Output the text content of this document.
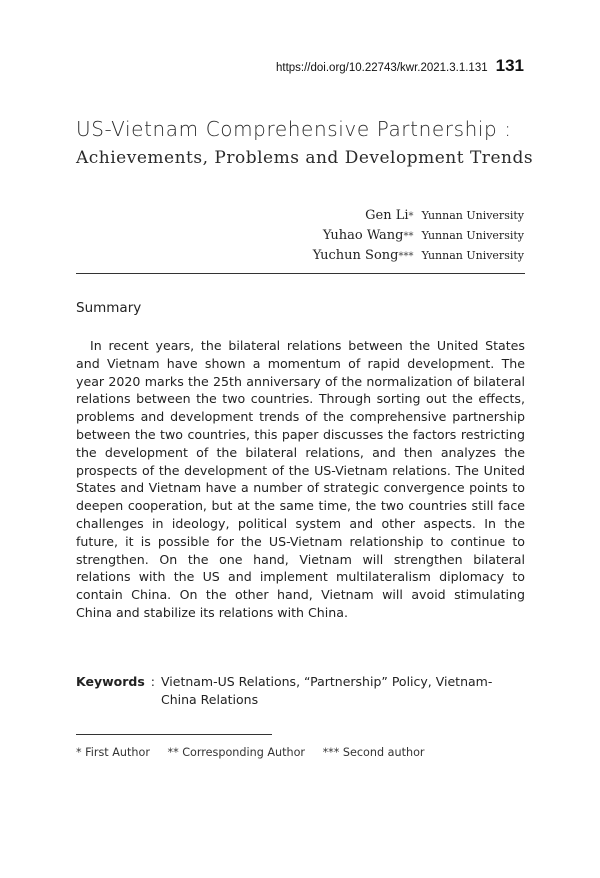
https://doi.org/10.22743/kwr.2021.3.1.131 131
US-Vietnam Comprehensive Partnership :
Achievements, Problems and Development Trends
Gen Li* Yunnan University
Yuhao Wang** Yunnan University
Yuchun Song*** Yunnan University
Summary

In recent years, the bilateral relations between the United States and Vietnam have shown a momentum of rapid development. The year 2020 marks the 25th anniversary of the normalization of bilateral relations between the two countries. Through sorting out the effects, problems and development trends of the comprehensive partnership between the two countries, this paper discusses the factors restricting the development of the bilateral relations, and then analyzes the prospects of the development of the US-Vietnam relations. The United States and Vietnam have a number of strategic convergence points to deepen cooperation, but at the same time, the two countries still face challenges in ideology, political system and other aspects. In the future, it is possible for the US-Vietnam relationship to continue to strengthen. On the one hand, Vietnam will strengthen bilateral relations with the US and implement multilateralism diplomacy to contain China. On the other hand, Vietnam will avoid stimulating China and stabilize its relations with China.

Keywords : Vietnam-US Relations, “Partnership” Policy, Vietnam-China Relations
* First Author ** Corresponding Author *** Second author
